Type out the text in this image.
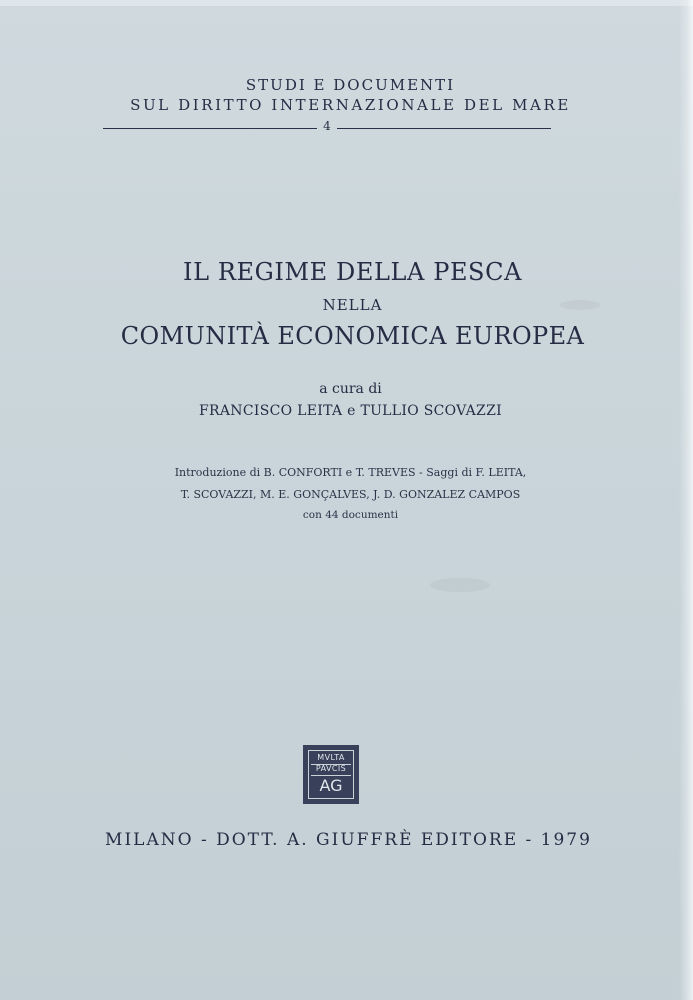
STUDI E DOCUMENTI
SUL DIRITTO INTERNAZIONALE DEL MARE
4
IL REGIME DELLA PESCA
NELLA
COMUNITÀ ECONOMICA EUROPEA
a cura di
FRANCISCO LEITA e TULLIO SCOVAZZI
Introduzione di B. CONFORTI e T. TREVES - Saggi di F. LEITA,
T. SCOVAZZI, M. E. GONÇALVES, J. D. GONZALEZ CAMPOS
con 44 documenti
MVLTA
PAVCIS
AG
MILANO - DOTT. A. GIUFFRÈ EDITORE - 1979
